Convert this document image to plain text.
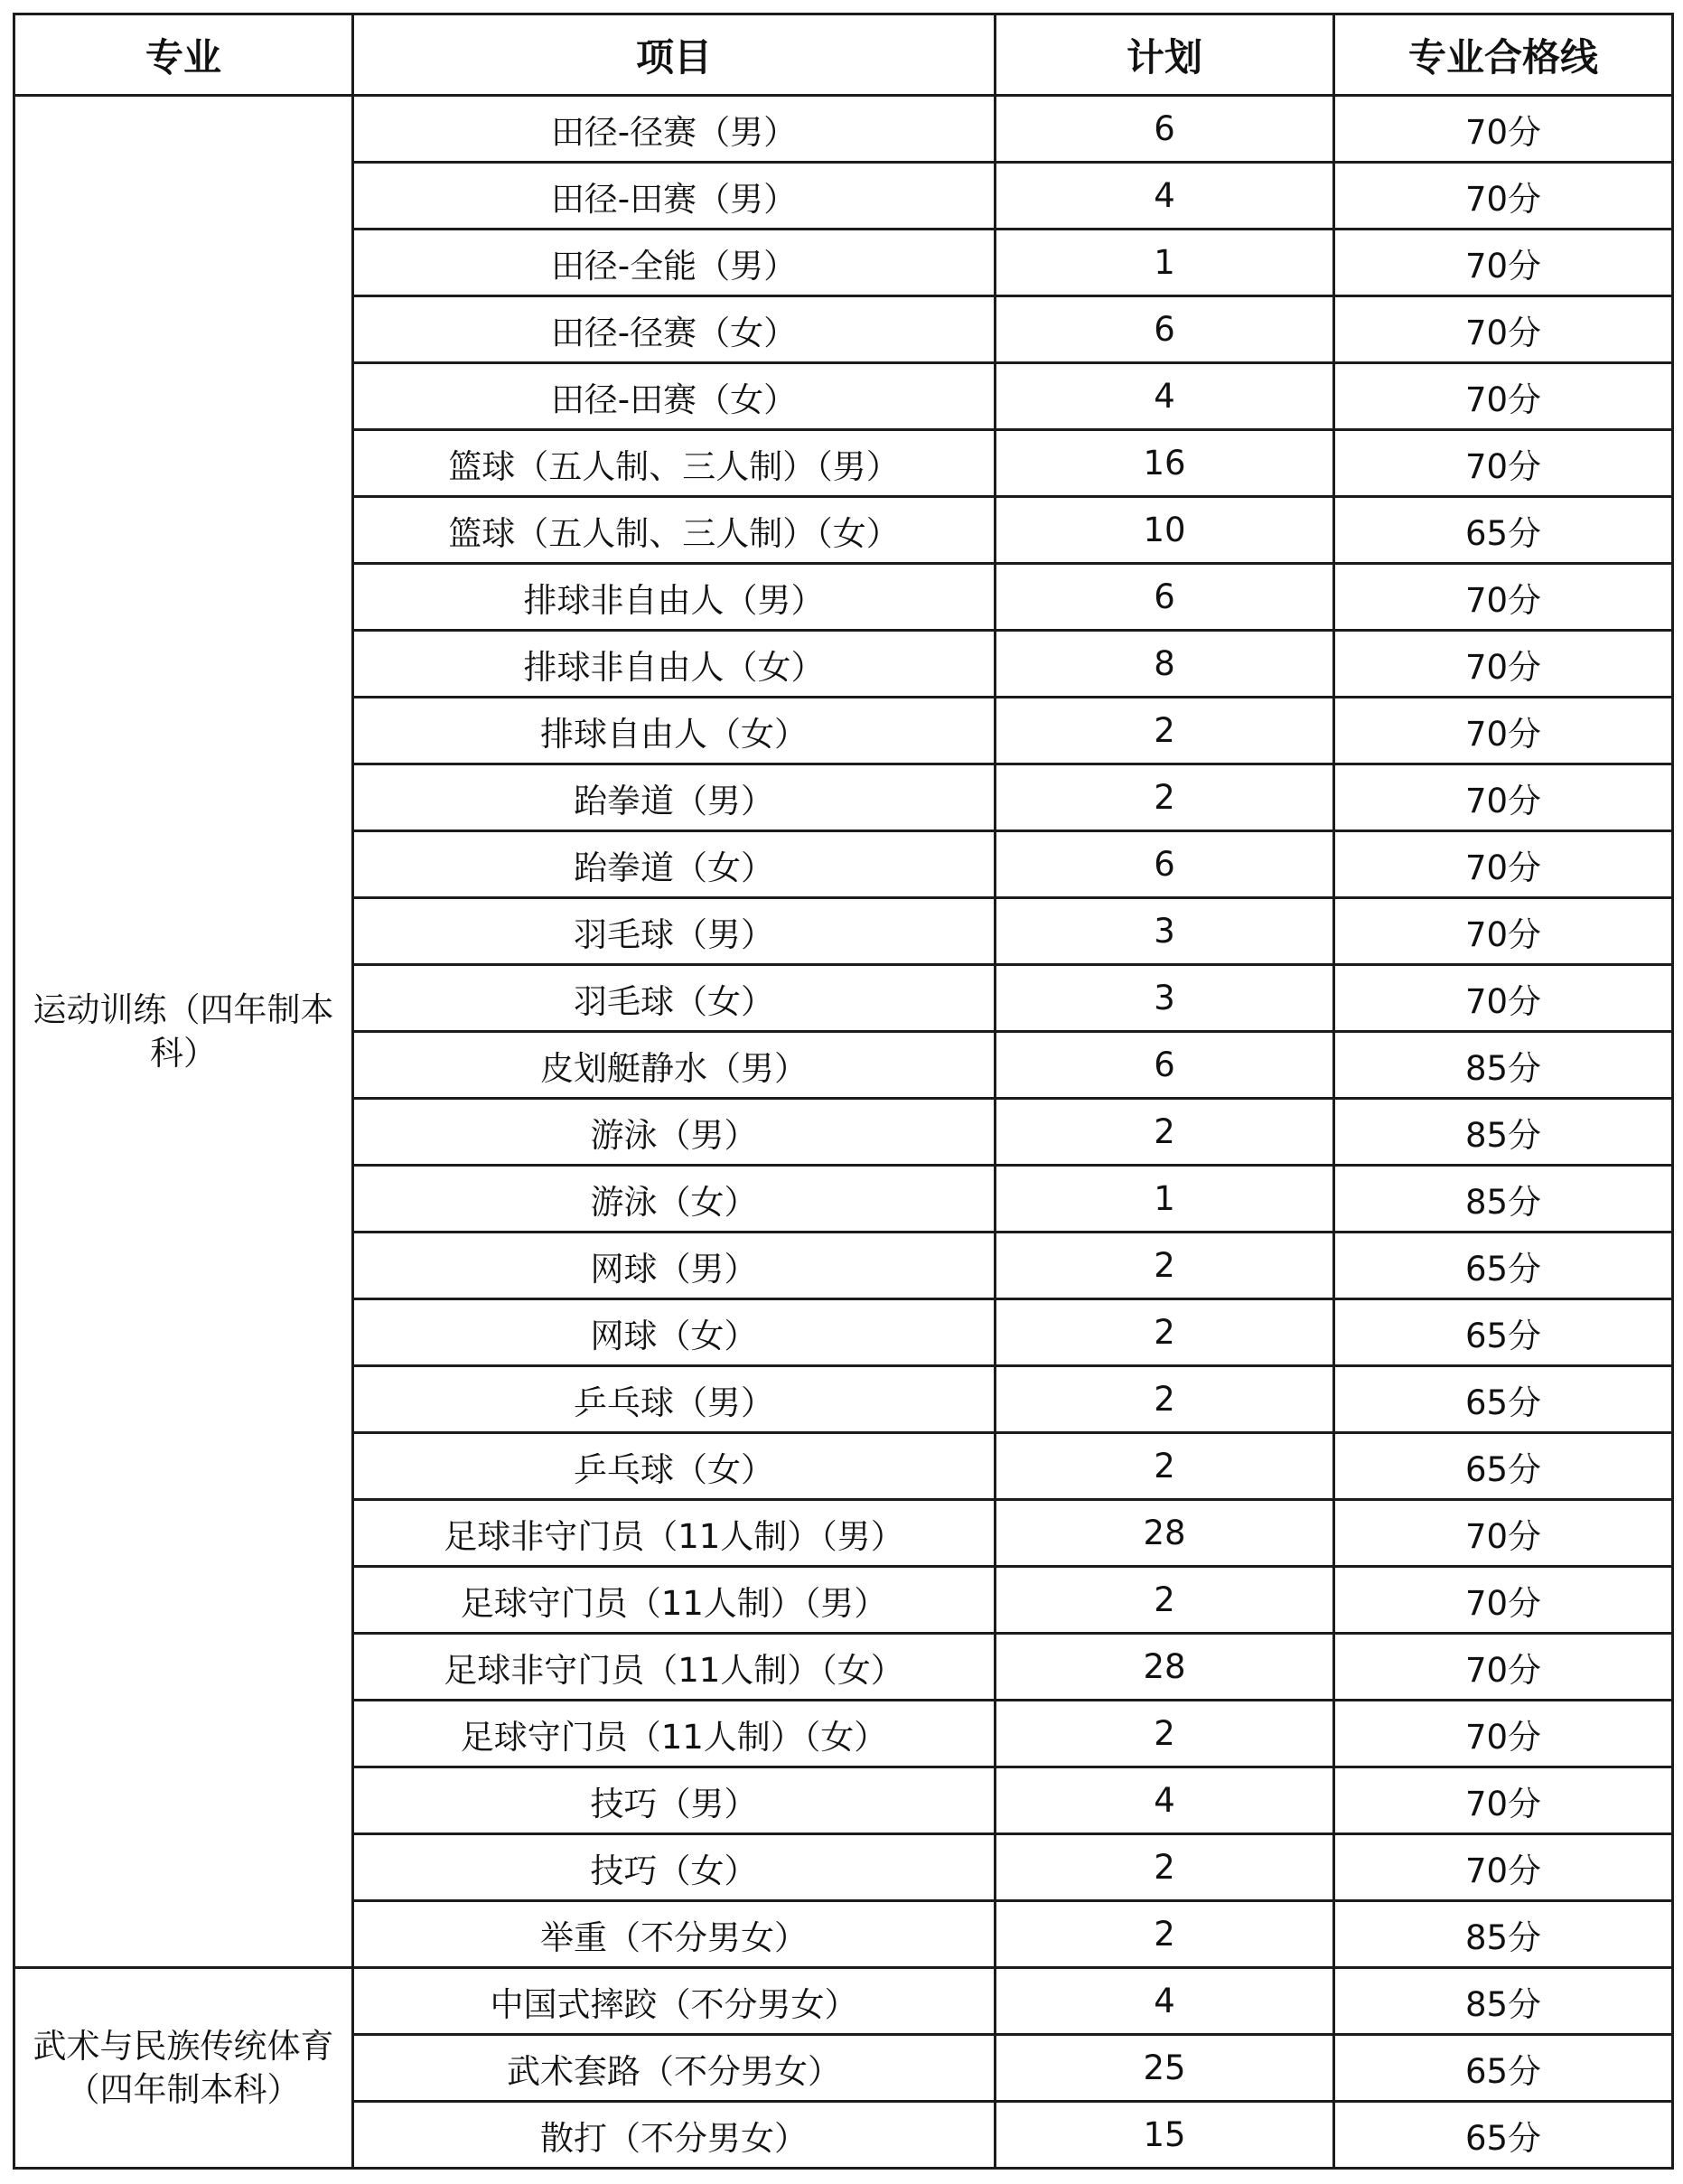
专业	项目	计划	专业合格线
运动训练（四年制本科）	田径-径赛（男）	6	70分
	田径-田赛（男）	4	70分
	田径-全能（男）	1	70分
	田径-径赛（女）	6	70分
	田径-田赛（女）	4	70分
	篮球（五人制、三人制）（男）	16	70分
	篮球（五人制、三人制）（女）	10	65分
	排球非自由人（男）	6	70分
	排球非自由人（女）	8	70分
	排球自由人（女）	2	70分
	跆拳道（男）	2	70分
	跆拳道（女）	6	70分
	羽毛球（男）	3	70分
	羽毛球（女）	3	70分
	皮划艇静水（男）	6	85分
	游泳（男）	2	85分
	游泳（女）	1	85分
	网球（男）	2	65分
	网球（女）	2	65分
	乒乓球（男）	2	65分
	乒乓球（女）	2	65分
	足球非守门员（11人制）（男）	28	70分
	足球守门员（11人制）（男）	2	70分
	足球非守门员（11人制）（女）	28	70分
	足球守门员（11人制）（女）	2	70分
	技巧（男）	4	70分
	技巧（女）	2	70分
	举重（不分男女）	2	85分
武术与民族传统体育（四年制本科）	中国式摔跤（不分男女）	4	85分
	武术套路（不分男女）	25	65分
	散打（不分男女）	15	65分
